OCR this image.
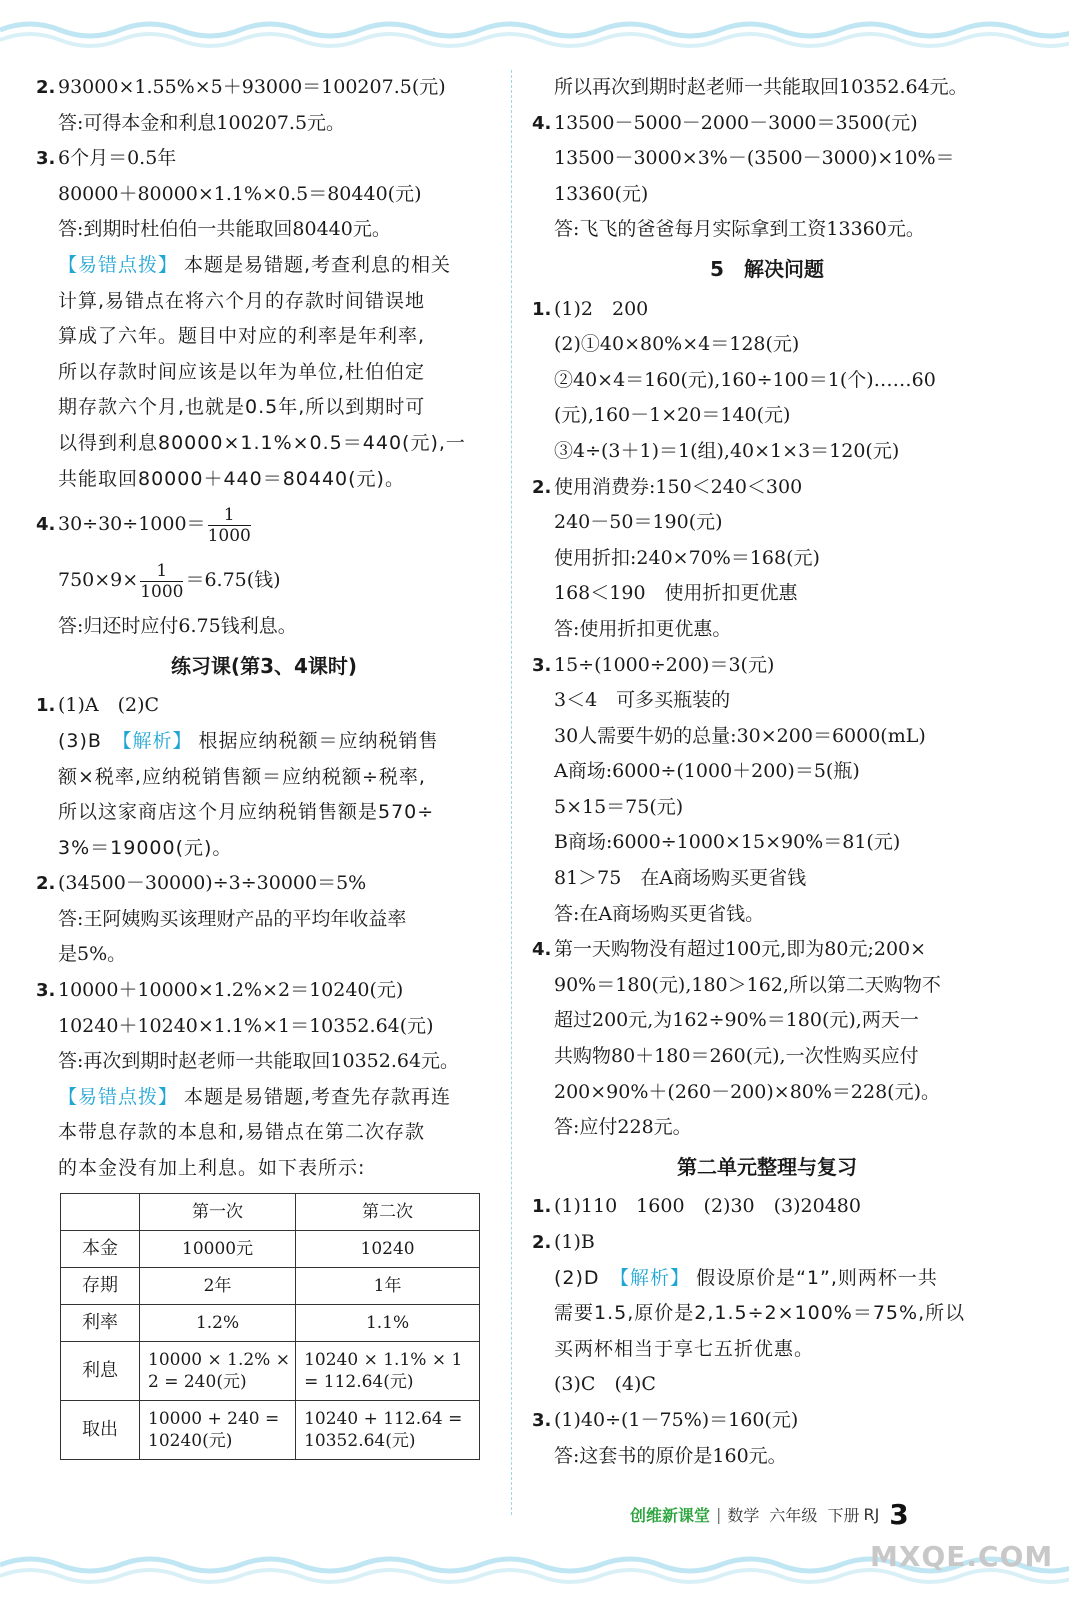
2. 93000×1.55%×5＋93000＝100207.5(元)
答:可得本金和利息100207.5元。
3. 6个月＝0.5年
80000＋80000×1.1%×0.5＝80440(元)
答:到期时杜伯伯一共能取回80440元。
【易错点拨】 本题是易错题,考查利息的相关
计算,易错点在将六个月的存款时间错误地
算成了六年。题目中对应的利率是年利率,
所以存款时间应该是以年为单位,杜伯伯定
期存款六个月,也就是0.5年,所以到期时可
以得到利息80000×1.1%×0.5＝440(元),一
共能取回80000＋440＝80440(元)。
4. $30\div 30\div 1000= \frac{1}{1000}$
$750\times 9\times \frac{1}{1000} =6.75$(钱)
答:归还时应付6.75钱利息。
练习课(第3、4课时)
1. (1)A　(2)C
(3)B　【解析】 根据应纳税额＝应纳税销售
额×税率,应纳税销售额＝应纳税额÷税率,
所以这家商店这个月应纳税销售额是570÷
3%＝19000(元)。
2. (34500－30000)÷3÷30000＝5%
答:王阿姨购买该理财产品的平均年收益率
是5%。
3. 10000＋10000×1.2%×2＝10240(元)
10240＋10240×1.1%×1＝10352.64(元)
答:再次到期时赵老师一共能取回10352.64元。
【易错点拨】 本题是易错题,考查先存款再连
本带息存款的本息和,易错点在第二次存款
的本金没有加上利息。如下表所示:
	第一次	第二次
本金	10000元	10240
存期	2年	1年
利率	1.2%	1.1%
利息	10000 × 1.2% × 2 = 240(元)	10240 × 1.1% × 1 = 112.64(元)
取出	10000 + 240 = 10240(元)	10240 + 112.64 = 10352.64(元)
所以再次到期时赵老师一共能取回10352.64元。
4. 13500－5000－2000－3000＝3500(元)
13500－3000×3%－(3500－3000)×10%＝
13360(元)
答:飞飞的爸爸每月实际拿到工资13360元。
5　解决问题
1. (1)2　200
(2)①40×80%×4＝128(元)
②40×4＝160(元),160÷100＝1(个)……60
(元),160－1×20＝140(元)
③4÷(3＋1)＝1(组),40×1×3＝120(元)
2. 使用消费券:150＜240＜300
240－50＝190(元)
使用折扣:240×70%＝168(元)
168＜190　使用折扣更优惠
答:使用折扣更优惠。
3. 15÷(1000÷200)＝3(元)
3＜4　可多买瓶装的
30人需要牛奶的总量:30×200＝6000(mL)
A商场:6000÷(1000＋200)＝5(瓶)
5×15＝75(元)
B商场:6000÷1000×15×90%＝81(元)
81＞75　在A商场购买更省钱
答:在A商场购买更省钱。
4. 第一天购物没有超过100元,即为80元;200×
90%＝180(元),180＞162,所以第二天购物不
超过200元,为162÷90%＝180(元),两天一
共购物80＋180＝260(元),一次性购买应付
200×90%＋(260－200)×80%＝228(元)。
答:应付228元。
第二单元整理与复习
1. (1)110　1600　(2)30　(3)20480
2. (1)B
(2)D　【解析】 假设原价是“1”,则两杯一共
需要1.5,原价是2,1.5÷2×100%＝75%,所以
买两杯相当于享七五折优惠。
(3)C　(4)C
3. (1)40÷(1－75%)＝160(元)
答:这套书的原价是160元。
创维新课堂 | 数学 六年级 下册 RJ 3
MXQE.COM
